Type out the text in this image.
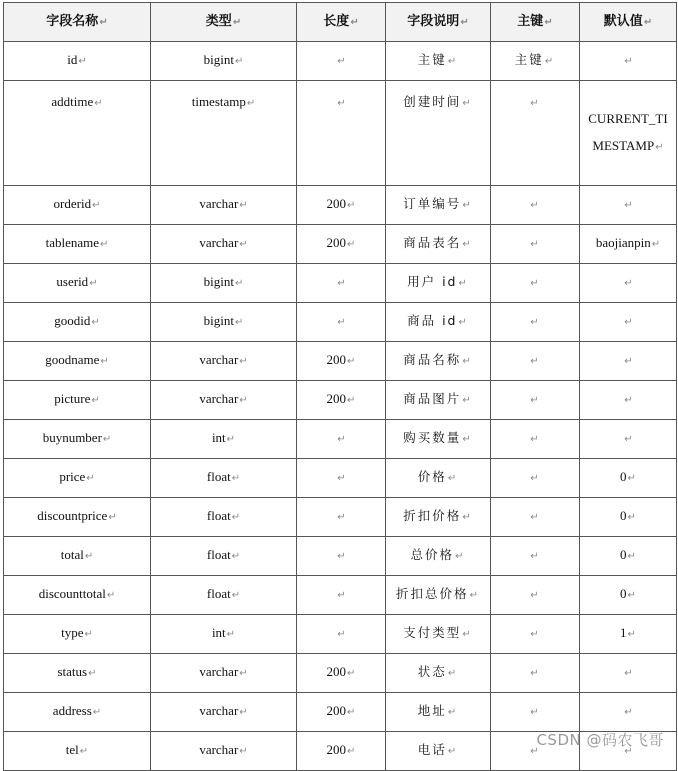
字段名称↵	类型↵	长度↵	字段说明↵	主键↵	默认值↵
id↵	bigint↵	↵	主键↵	主键↵	↵
addtime↵	timestamp↵	↵	创建时间↵	↵	CURRENT_TIMESTAMP↵
orderid↵	varchar↵	200↵	订单编号↵	↵	↵
tablename↵	varchar↵	200↵	商品表名↵	↵	baojianpin↵
userid↵	bigint↵	↵	用户 id↵	↵	↵
goodid↵	bigint↵	↵	商品 id↵	↵	↵
goodname↵	varchar↵	200↵	商品名称↵	↵	↵
picture↵	varchar↵	200↵	商品图片↵	↵	↵
buynumber↵	int↵	↵	购买数量↵	↵	↵
price↵	float↵	↵	价格↵	↵	0↵
discountprice↵	float↵	↵	折扣价格↵	↵	0↵
total↵	float↵	↵	总价格↵	↵	0↵
discounttotal↵	float↵	↵	折扣总价格↵	↵	0↵
type↵	int↵	↵	支付类型↵	↵	1↵
status↵	varchar↵	200↵	状态↵	↵	↵
address↵	varchar↵	200↵	地址↵	↵	↵
tel↵	varchar↵	200↵	电话↵	↵	↵
CSDN @码农飞哥
